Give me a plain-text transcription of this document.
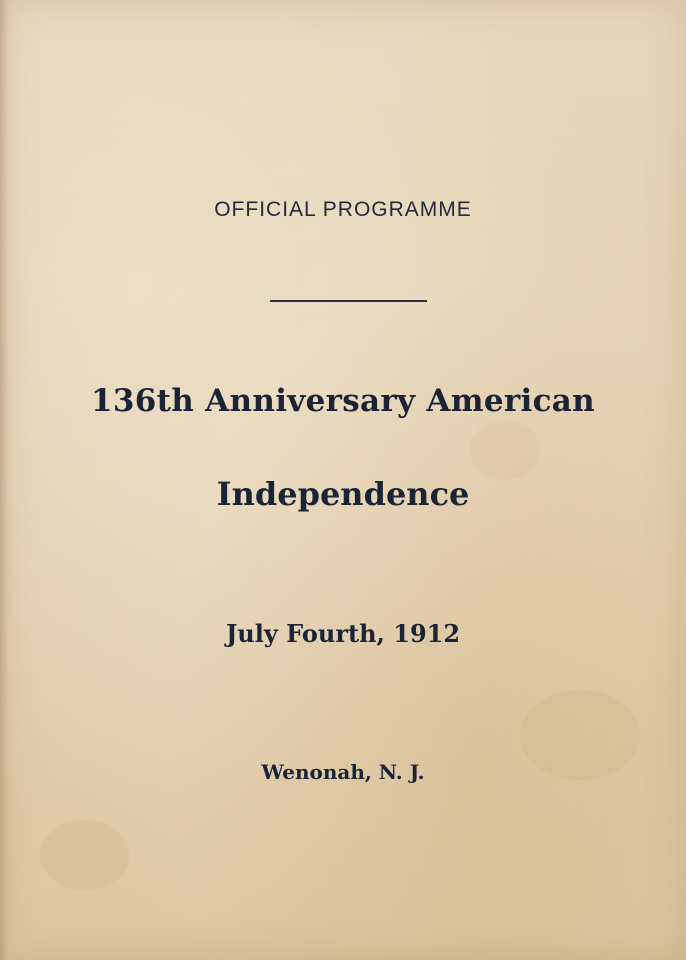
OFFICIAL PROGRAMME

136th Anniversary American

Independence

July Fourth, 1912

Wenonah, N. J.
